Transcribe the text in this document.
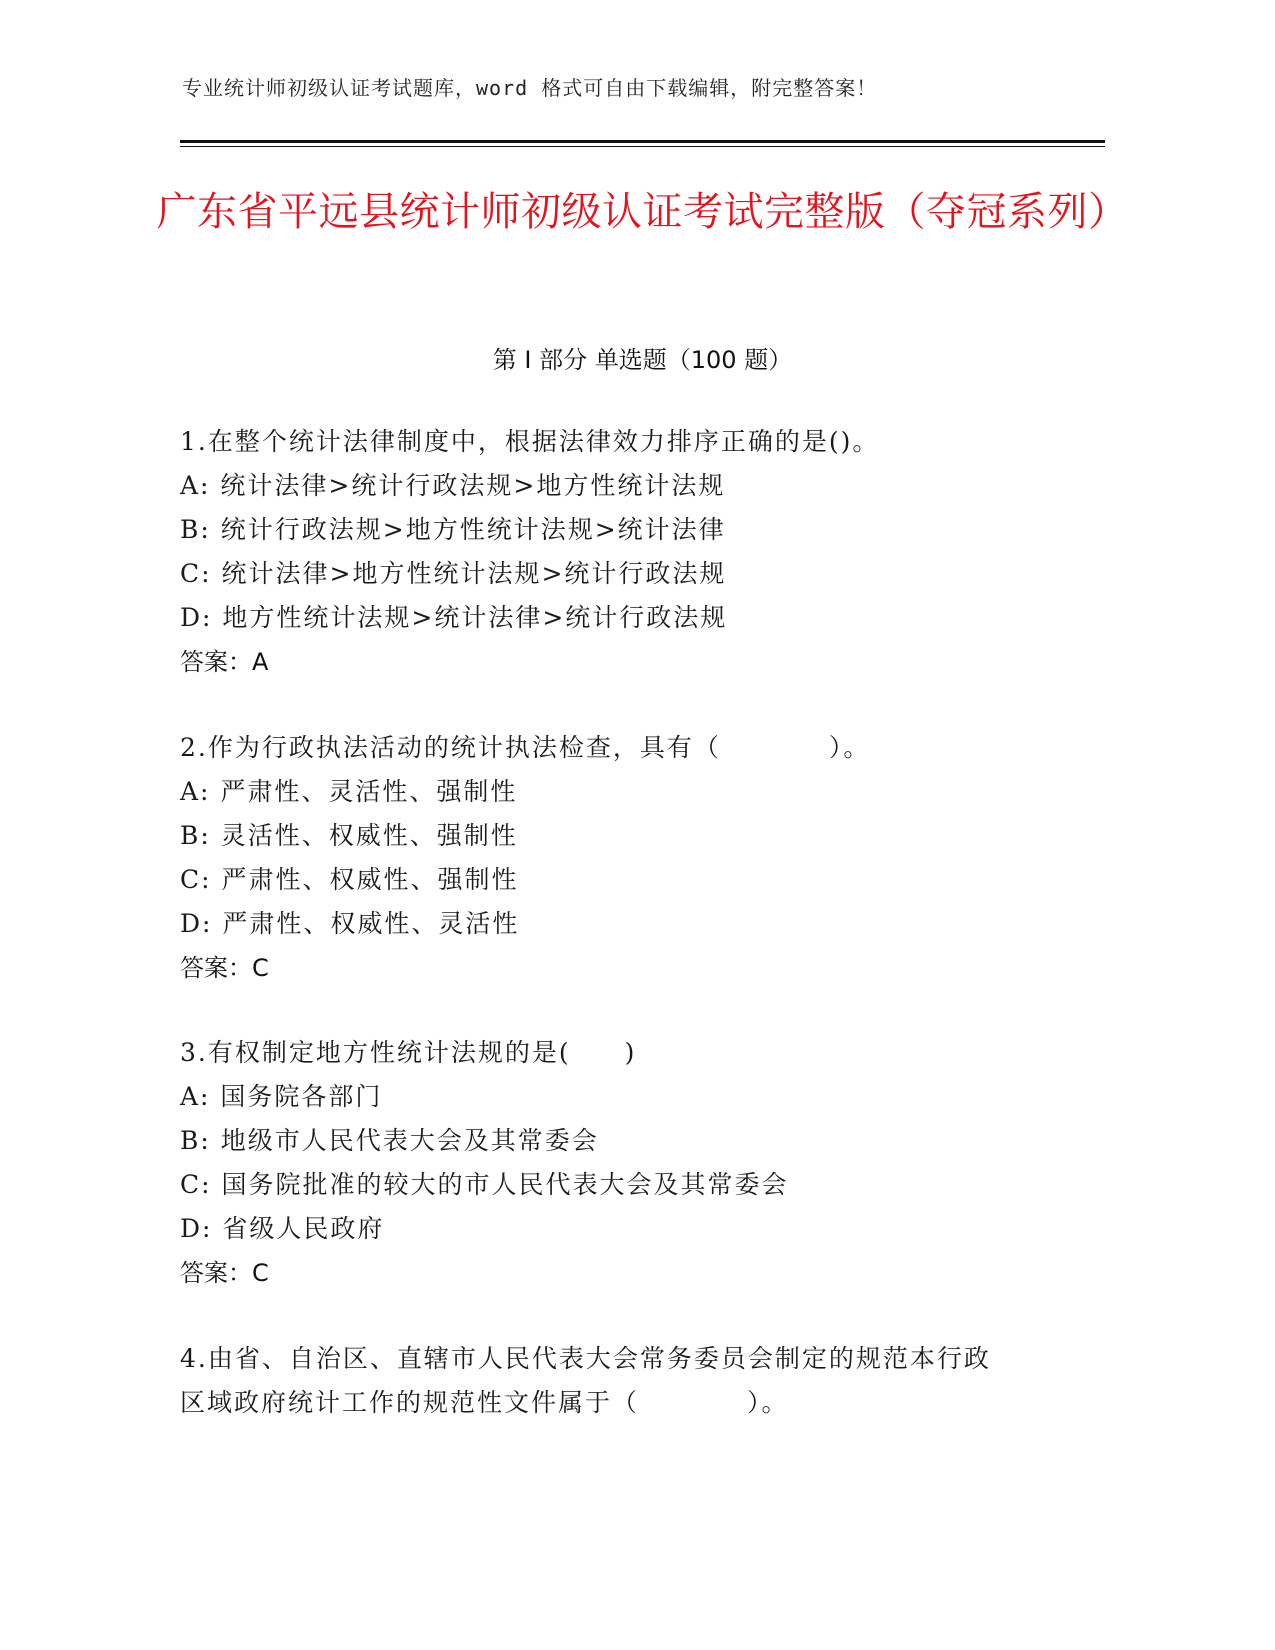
专业统计师初级认证考试题库，word 格式可自由下载编辑，附完整答案！
广东省平远县统计师初级认证考试完整版（夺冠系列）
第 I 部分 单选题（100 题）
1.在整个统计法律制度中，根据法律效力排序正确的是()。
A: 统计法律>统计行政法规>地方性统计法规
B: 统计行政法规>地方性统计法规>统计法律
C: 统计法律>地方性统计法规>统计行政法规
D: 地方性统计法规>统计法律>统计行政法规
答案：A
2.作为行政执法活动的统计执法检查，具有（　　　　）。
A: 严肃性、灵活性、强制性
B: 灵活性、权威性、强制性
C: 严肃性、权威性、强制性
D: 严肃性、权威性、灵活性
答案：C
3.有权制定地方性统计法规的是(　　)
A: 国务院各部门
B: 地级市人民代表大会及其常委会
C: 国务院批准的较大的市人民代表大会及其常委会
D: 省级人民政府
答案：C
4.由省、自治区、直辖市人民代表大会常务委员会制定的规范本行政
区域政府统计工作的规范性文件属于（　　　　）。
